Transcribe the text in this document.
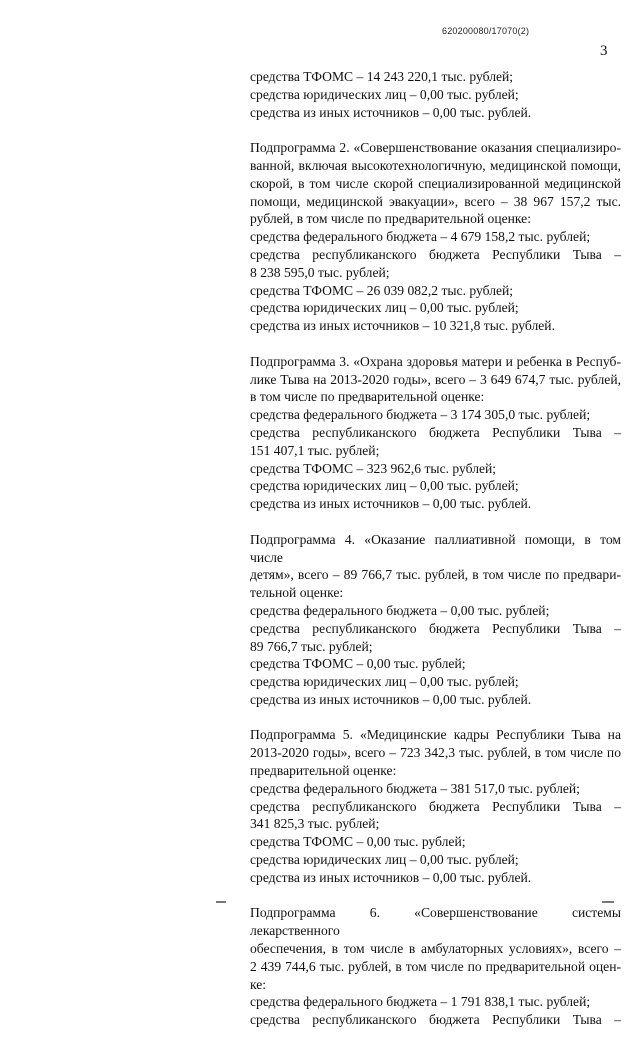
620200080/17070(2)
3
средства ТФОМС – 14 243 220,1 тыс. рублей;
средства юридических лиц – 0,00 тыс. рублей;
средства из иных источников – 0,00 тыс. рублей.
Подпрограмма 2. «Совершенствование оказания специализиро-
ванной, включая высокотехнологичную, медицинской помощи,
скорой, в том числе скорой специализированной медицинской
помощи, медицинской эвакуации», всего – 38 967 157,2 тыс.
рублей, в том числе по предварительной оценке:
средства федерального бюджета – 4 679 158,2 тыс. рублей;
средства республиканского бюджета Республики Тыва –
8 238 595,0 тыс. рублей;
средства ТФОМС – 26 039 082,2 тыс. рублей;
средства юридических лиц – 0,00 тыс. рублей;
средства из иных источников – 10 321,8 тыс. рублей.
Подпрограмма 3. «Охрана здоровья матери и ребенка в Респуб-
лике Тыва на 2013-2020 годы», всего – 3 649 674,7 тыс. рублей,
в том числе по предварительной оценке:
средства федерального бюджета – 3 174 305,0 тыс. рублей;
средства республиканского бюджета Республики Тыва –
151 407,1 тыс. рублей;
средства ТФОМС – 323 962,6 тыс. рублей;
средства юридических лиц – 0,00 тыс. рублей;
средства из иных источников – 0,00 тыс. рублей.
Подпрограмма 4. «Оказание паллиативной помощи, в том числе
детям», всего – 89 766,7 тыс. рублей, в том числе по предвари-
тельной оценке:
средства федерального бюджета – 0,00 тыс. рублей;
средства республиканского бюджета Республики Тыва –
89 766,7 тыс. рублей;
средства ТФОМС – 0,00 тыс. рублей;
средства юридических лиц – 0,00 тыс. рублей;
средства из иных источников – 0,00 тыс. рублей.
Подпрограмма 5. «Медицинские кадры Республики Тыва на
2013-2020 годы», всего – 723 342,3 тыс. рублей, в том числе по
предварительной оценке:
средства федерального бюджета – 381 517,0 тыс. рублей;
средства республиканского бюджета Республики Тыва –
341 825,3 тыс. рублей;
средства ТФОМС – 0,00 тыс. рублей;
средства юридических лиц – 0,00 тыс. рублей;
средства из иных источников – 0,00 тыс. рублей.
Подпрограмма 6. «Совершенствование системы лекарственного
обеспечения, в том числе в амбулаторных условиях», всего –
2 439 744,6 тыс. рублей, в том числе по предварительной оцен-
ке:
средства федерального бюджета – 1 791 838,1 тыс. рублей;
средства республиканского бюджета Республики Тыва –
